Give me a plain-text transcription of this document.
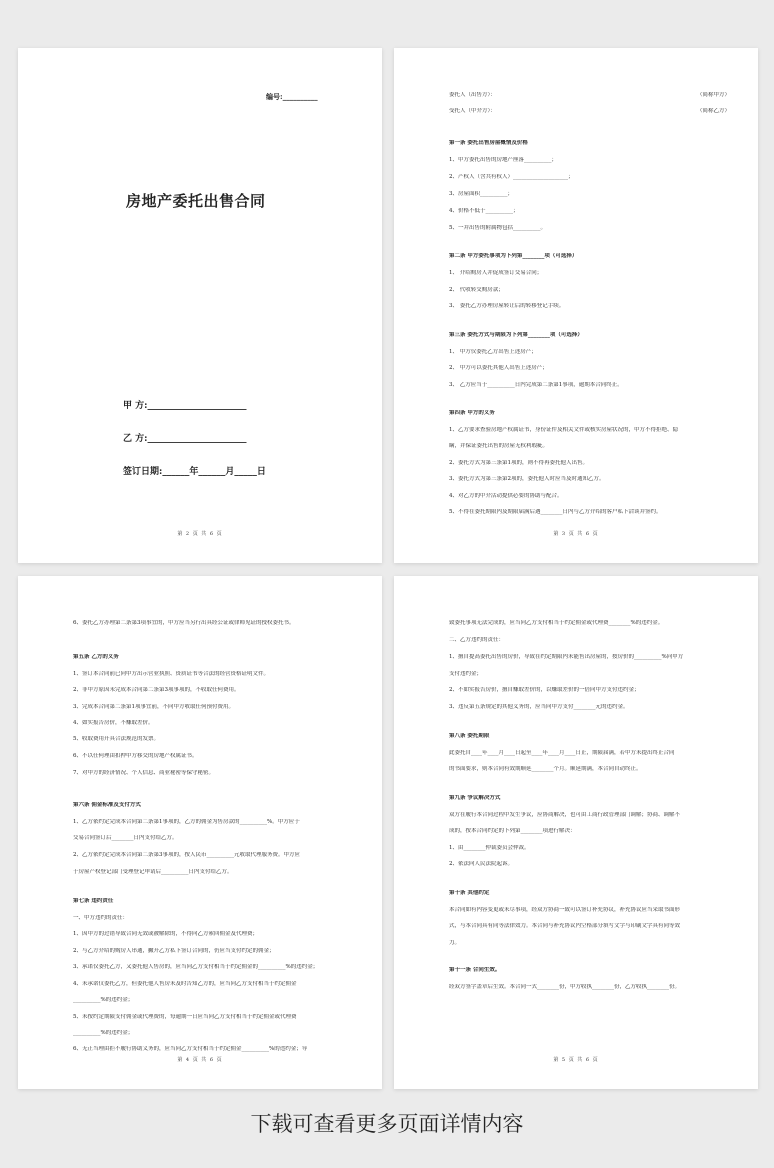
编号:__________
房地产委托出售合同
甲 方:______________________
乙 方:______________________
签订日期:______年______月_____日
第 2 页 共 6 页
委托人（出售方）：	（简称甲方）
受托人（中介方）：	（简称乙方）
第一条 委托出售房屋概情及价格
1、甲方委托出售的房地产座落__________；
2、产权人（含共有权人）____________________；
3、房屋面积__________；
4、价格不低于__________；
5、一并出售的附属物包括__________。
第二条 甲方委托事项为下列第________项（可选择）
1、 介绍购房人并促成签订交易合同；
2、 代收转交购房款；
3、 委托乙方办理房屋转让后的转移登记手续。
第三条 委托方式与期限为下列第________项（可选择）
1、 甲方仅委托乙方出售上述房产；
2、 甲方可以委托其他人出售上述房产；
3、 乙方应当于__________日内完成第二条第1事项，逾期本合同终止。
第四条 甲方的义务
1、乙方要求查验房地产权属证书，身份证件及相关文件或核实房屋状况的，甲方不得拒绝、隐
瞒，并保证委托出售的房屋无权利瑕疵。
2、委托方式为第三条第1项的，则不得再委托他人出售。
3、委托方式为第三条第2项的，委托他人时应当及时通知乙方。
4、对乙方的中介活动提供必要的协助与配合。
5、不得在委托期限内及期限届满后遇________日内与乙方介绍的客户私下洽谈并签约。
第 3 页 共 6 页
6、委托乙方办理第二条第3项事宜的，甲方应当另行出具经公证或律师见证的授权委托书。
第五条 乙方的义务
1、签订本合同前已向甲方出示营业执照、资质证书等合法的经营资格证明文件。
2、非甲方原因未完成本合同第二条第3项事项的，不收取任何费用。
3、完成本合同第二条第1项事宜前，不向甲方收取任何预付费用。
4、如实报告房价，不赚取差价。
5、收取费用开具合法规范的发票。
6、不以任何理由扣押甲方移交的房地产权属证书。
7、对甲方的经济情况、个人信息、商业秘密等保守秘密。
第六条 佣金标准及支付方式
1、乙方依约定完成本合同第二条第1事项的，乙方的佣金为售房款的__________%。甲方应于
交易合同签订后________日内支付给乙方。
2、乙方依约定完成本合同第二条第3事项的，按人民币__________元收取代理服务费。甲方应
于房屋产权登记部门受理登记申请后__________日内支付给乙方。
第七条 违约责任
一、甲方违约的责任：
1、因甲方的过错导致合同无效或被解除的，不得向乙方索回佣金及代理费；
2、与乙方介绍的购房人串通，撇开乙方私下签订合同的，仍应当支付约定的佣金；
3、承诺仅委托乙方，又委托他人售房的，应当向乙方支付相当于约定佣金的__________%的违约金；
4、未承诺仅委托乙方，但委托他人售房未及时告知乙方的，应当向乙方支付相当于约定佣金
__________%的违约金；
5、未按约定期限支付佣金或代理费的，每逾期一日应当向乙方支付相当于约定佣金或代理费
__________%的违约金；
6、无正当理由拒不履行协助义务的，应当向乙方支付相当于约定佣金__________%的违约金；导
第 4 页 共 6 页
致委托事项无法完成的，应当向乙方支付相当于约定佣金或代理费________%的违约金。
二、乙方违约的责任：
1、擅自提高委托出售的房价，导致在约定期限内未能售出房屋的，按房价的__________%向甲方
支付违约金；
2、不如实报告房价，擅自赚取差价的，以赚取差价的一倍向甲方支付违约金；
3、违反第五条规定的其他义务的，应当向甲方支付________元的违约金。
第八条 委托期限
此委托自____年____月____日起至____年____月____日止，期限届满，若甲方未提出终止合同
的书面要求，则本合同有效期顺延________个月。顺延期满，本合同自动终止。
第九条 争议解决方式
双方在履行本合同过程中发生争议，应协商解决，也可由工商行政管理部门调解；协商、调解不
成的，按本合同约定的下列第________项进行解决：
1、由________仲裁委员会仲裁。
2、依法向人民法院起诉。
第十条 其他约定
本合同如有内容变更或未尽事项，经双方协商一致可以签订补充协议，补充协议应当采取书面形
式，与本合同具有同等法律效力。本合同与补充协议内空格部分填写文字与印刷文字具有同等效
力。
第十一条 合同生效。
经双方签字盖章后生效。本合同一式________份，甲方收执________份，乙方收执________份。
第 5 页 共 6 页
下载可查看更多页面详情内容
